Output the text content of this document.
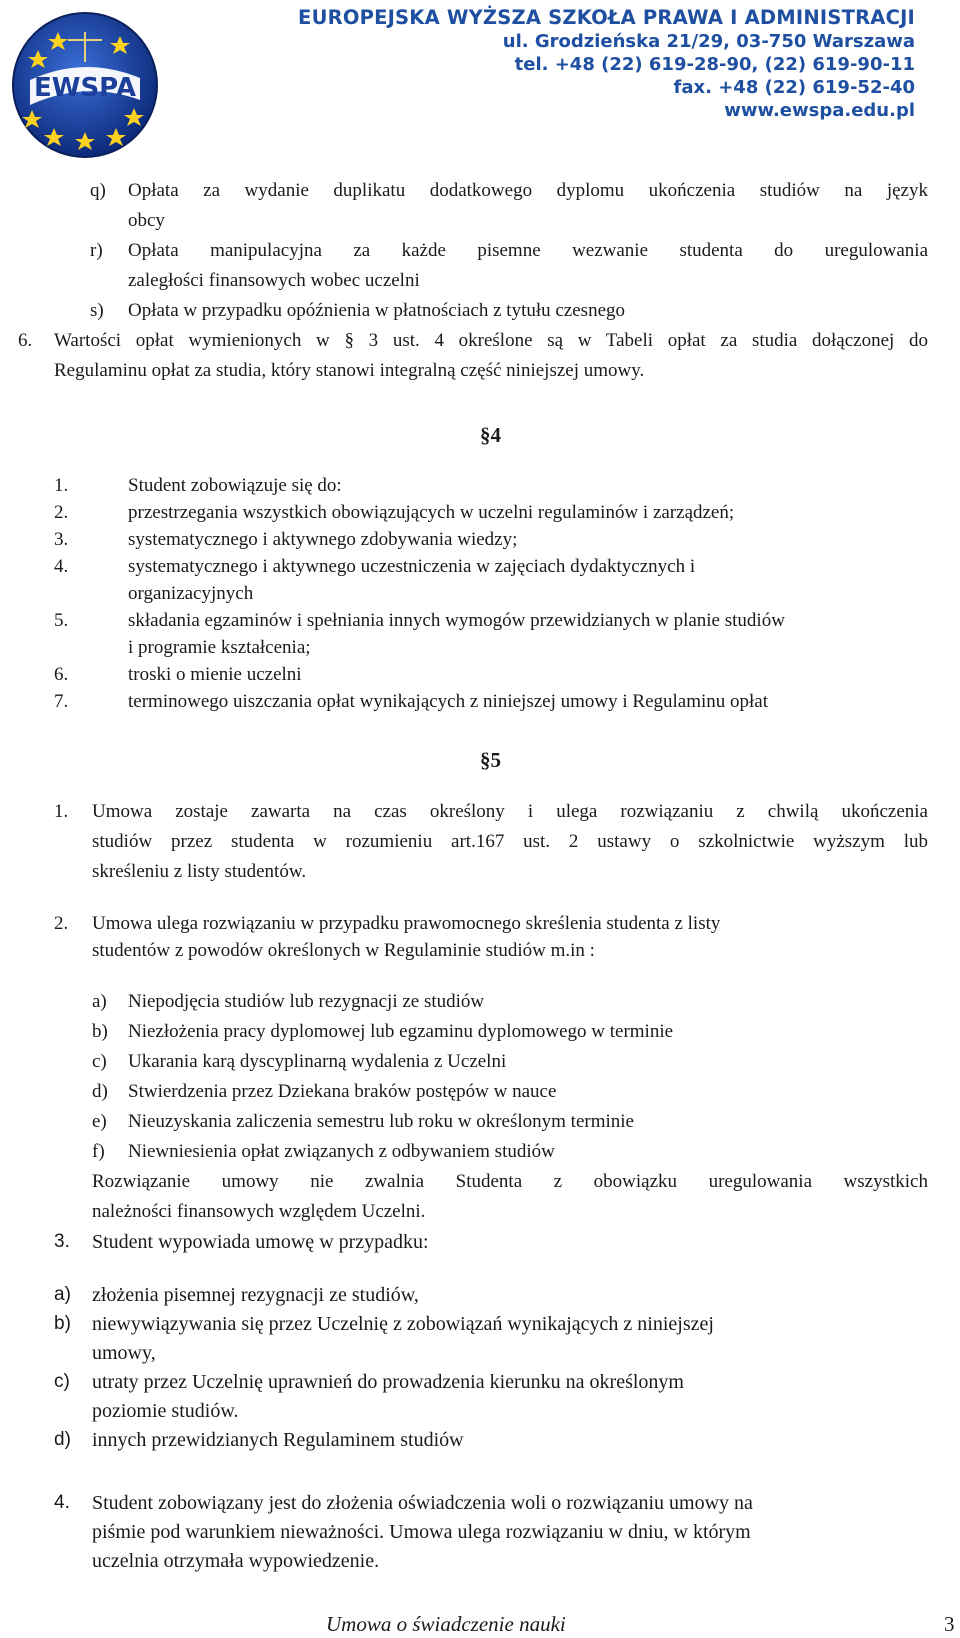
EWSPA
EUROPEJSKA WYŻSZA SZKOŁA PRAWA I ADMINISTRACJI
ul. Grodzieńska 21/29, 03-750 Warszawa
tel. +48 (22) 619-28-90, (22) 619-90-11
fax. +48 (22) 619-52-40
www.ewspa.edu.pl
q) Opłata za wydanie duplikatu dodatkowego dyplomu ukończenia studiów na język
obcy
r) Opłata manipulacyjna za każde pisemne wezwanie studenta do uregulowania
zaległości finansowych wobec uczelni
s) Opłata w przypadku opóźnienia w płatnościach z tytułu czesnego
6. Wartości opłat wymienionych w § 3 ust. 4 określone są w Tabeli opłat za studia dołączonej do
Regulaminu opłat za studia, który stanowi integralną część niniejszej umowy.
§4
1.	Student zobowiązuje się do:
2.	przestrzegania wszystkich obowiązujących w uczelni regulaminów i zarządzeń;
3.	systematycznego i aktywnego zdobywania wiedzy;
4.	systematycznego i aktywnego uczestniczenia w zajęciach dydaktycznych i
organizacyjnych
5.	składania egzaminów i spełniania innych wymogów przewidzianych w planie studiów
i programie kształcenia;
6.	troski o mienie uczelni
7.	terminowego uiszczania opłat wynikających z niniejszej umowy i Regulaminu opłat
§5
1. Umowa zostaje zawarta na czas określony i ulega rozwiązaniu z chwilą ukończenia
studiów przez studenta w rozumieniu art.167 ust. 2 ustawy o szkolnictwie wyższym lub
skreśleniu z listy studentów.
2. Umowa ulega rozwiązaniu w przypadku prawomocnego skreślenia studenta z listy
studentów z powodów określonych w Regulaminie studiów m.in :
a) Niepodjęcia studiów lub rezygnacji ze studiów
b) Niezłożenia pracy dyplomowej lub egzaminu dyplomowego w terminie
c) Ukarania karą dyscyplinarną wydalenia z Uczelni
d) Stwierdzenia przez Dziekana braków postępów w nauce
e) Nieuzyskania zaliczenia semestru lub roku w określonym terminie
f) Niewniesienia opłat związanych z odbywaniem studiów
Rozwiązanie umowy nie zwalnia Studenta z obowiązku uregulowania wszystkich
należności finansowych względem Uczelni.
3. Student wypowiada umowę w przypadku:
a) złożenia pisemnej rezygnacji ze studiów,
b) niewywiązywania się przez Uczelnię z zobowiązań wynikających z niniejszej
umowy,
c) utraty przez Uczelnię uprawnień do prowadzenia kierunku na określonym
poziomie studiów.
d) innych przewidzianych Regulaminem studiów
4. Student zobowiązany jest do złożenia oświadczenia woli o rozwiązaniu umowy na
piśmie pod warunkiem nieważności. Umowa ulega rozwiązaniu w dniu, w którym
uczelnia otrzymała wypowiedzenie.
Umowa o świadczenie nauki	3
